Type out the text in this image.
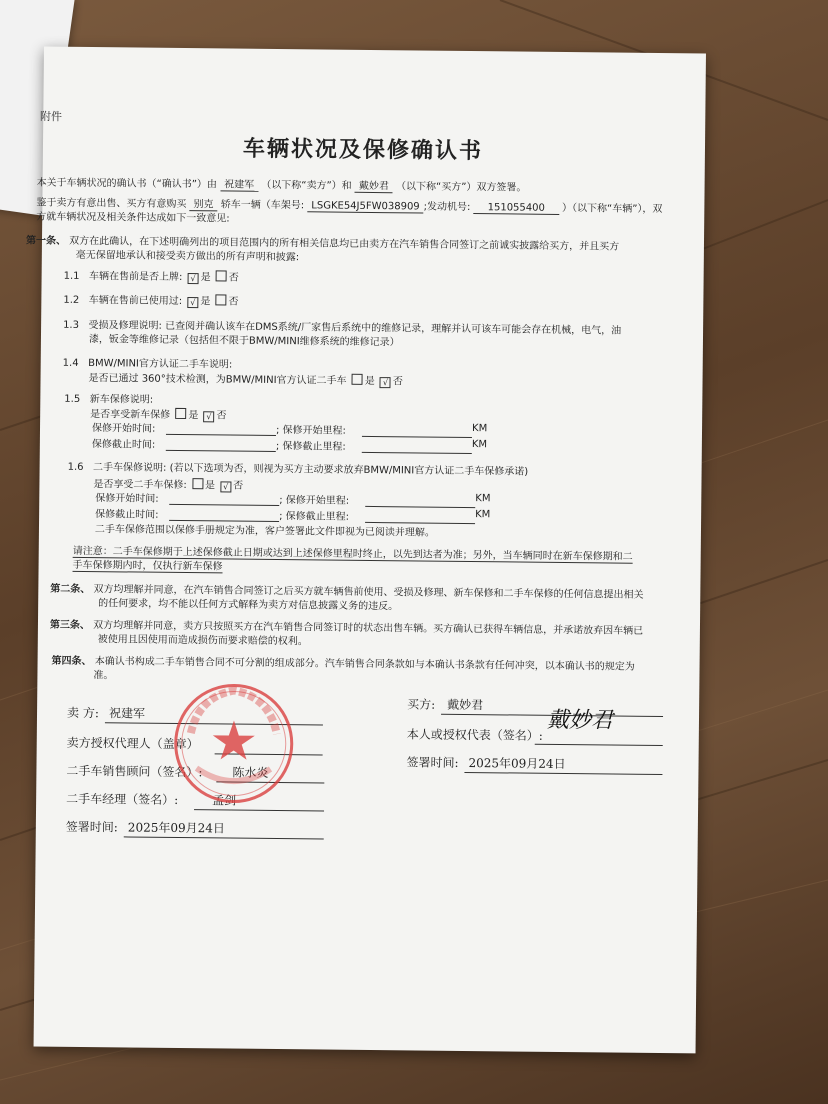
附件
车辆状况及保修确认书
本关于车辆状况的确认书（“确认书”）由 祝建军 （以下称“卖方”）和 戴妙君 （以下称“买方”）双方签署。
鉴于卖方有意出售、买方有意购买 别克 轿车一辆（车架号: LSGKE54J5FW038909 ;发动机号: 151055400 ）（以下称“车辆”），双
方就车辆状况及相关条件达成如下一致意见:
第一条、 双方在此确认，在下述明确列出的项目范围内的所有相关信息均已由卖方在汽车销售合同签订之前诚实披露给买方，并且买方
毫无保留地承认和接受卖方做出的所有声明和披露:
1.1 车辆在售前是否上牌: √ 是 否
1.2 车辆在售前已使用过: √ 是 否
1.3 受损及修理说明: 已查阅并确认该车在DMS系统/厂家售后系统中的维修记录，理解并认可该车可能会存在机械，电气，油
漆，钣金等维修记录（包括但不限于BMW/MINI维修系统的维修记录）
1.4 BMW/MINI官方认证二手车说明:
是否已通过 360°技术检测，为BMW/MINI官方认证二手车 是 √ 否
1.5 新车保修说明:
是否享受新车保修 是 √ 否
保修开始时间:	; 保修开始里程:	KM
保修截止时间:	; 保修截止里程:	KM
1.6 二手车保修说明: (若以下选项为否，则视为买方主动要求放弃BMW/MINI官方认证二手车保修承诺)
是否享受二手车保修: 是 √ 否
保修开始时间:	; 保修开始里程:	KM
保修截止时间:	; 保修截止里程:	KM
二手车保修范围以保修手册规定为准，客户签署此文件即视为已阅读并理解。
请注意：二手车保修期于上述保修截止日期或达到上述保修里程时终止，以先到达者为准；另外，当车辆同时在新车保修期和二
手车保修期内时，仅执行新车保修
第二条、 双方均理解并同意，在汽车销售合同签订之后买方就车辆售前使用、受损及修理、新车保修和二手车保修的任何信息提出相关
的任何要求，均不能以任何方式解释为卖方对信息披露义务的违反。
第三条、 双方均理解并同意，卖方只按照买方在汽车销售合同签订时的状态出售车辆。买方确认已获得车辆信息，并承诺放弃因车辆已
被使用且因使用而造成损伤而要求赔偿的权利。
第四条、 本确认书构成二手车销售合同不可分割的组成部分。汽车销售合同条款如与本确认书条款有任何冲突，以本确认书的规定为
准。
卖 方: 祝建军
卖方授权代理人（盖章）
二手车销售顾问（签名）: 陈水炎
二手车经理（签名）:	孟剑
签署时间: 2025年09月24日
买方: 戴妙君
本人或授权代表（签名）:
戴妙君
签署时间: 2025年09月24日
